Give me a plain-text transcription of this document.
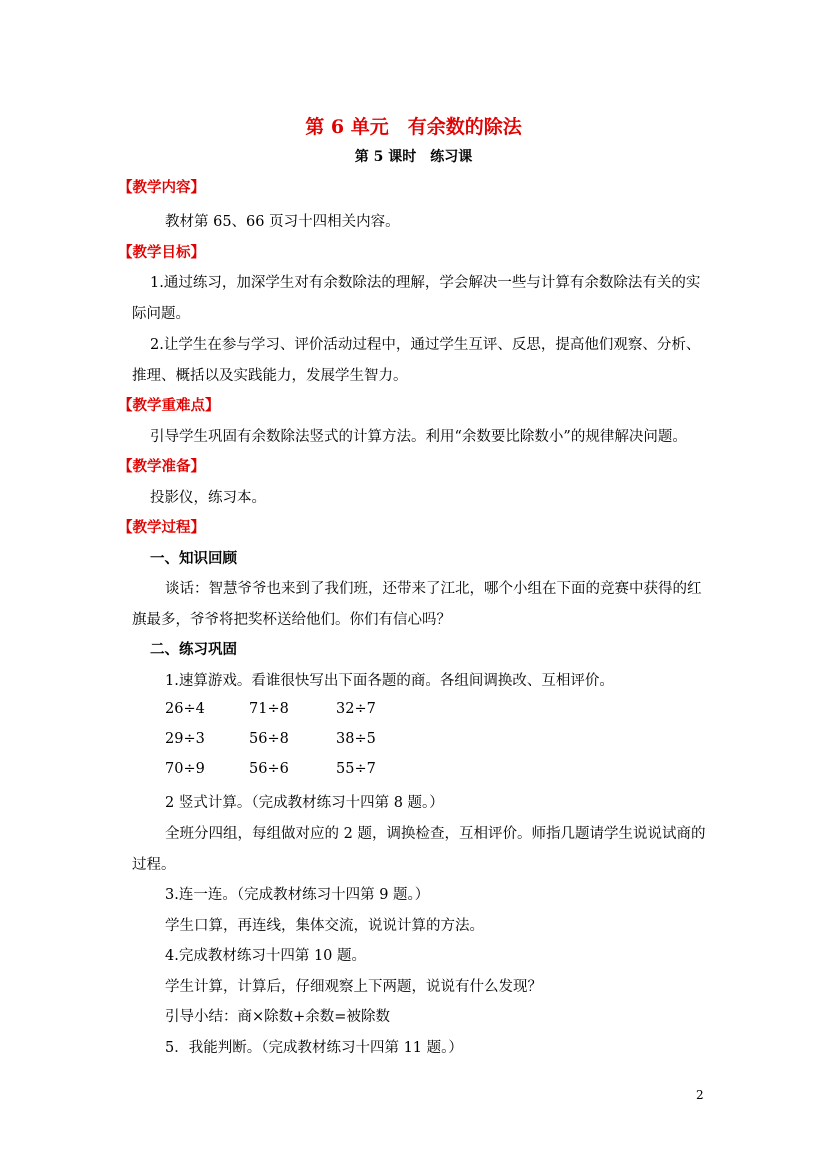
第 6 单元　有余数的除法
第 5 课时　练习课
【教学内容】
教材第 65、66 页习十四相关内容。
【教学目标】
1.通过练习，加深学生对有余数除法的理解，学会解决一些与计算有余数除法有关的实
际问题。
2.让学生在参与学习、评价活动过程中，通过学生互评、反思，提高他们观察、分析、
推理、概括以及实践能力，发展学生智力。
【教学重难点】
引导学生巩固有余数除法竖式的计算方法。利用“余数要比除数小”的规律解决问题。
【教学准备】
投影仪，练习本。
【教学过程】
一、知识回顾
谈话：智慧爷爷也来到了我们班，还带来了江北，哪个小组在下面的竞赛中获得的红
旗最多，爷爷将把奖杯送给他们。你们有信心吗？
二、练习巩固
1.速算游戏。看谁很快写出下面各题的商。各组间调换改、互相评价。
26÷4	71÷8	32÷7
29÷3	56÷8	38÷5
70÷9	56÷6	55÷7
2 竖式计算。（完成教材练习十四第 8 题。）
全班分四组，每组做对应的 2 题，调换检查，互相评价。师指几题请学生说说试商的
过程。
3.连一连。（完成教材练习十四第 9 题。）
学生口算，再连线，集体交流，说说计算的方法。
4.完成教材练习十四第 10 题。
学生计算，计算后，仔细观察上下两题，说说有什么发现？
引导小结：商×除数+余数=被除数
5．我能判断。（完成教材练习十四第 11 题。）
2
